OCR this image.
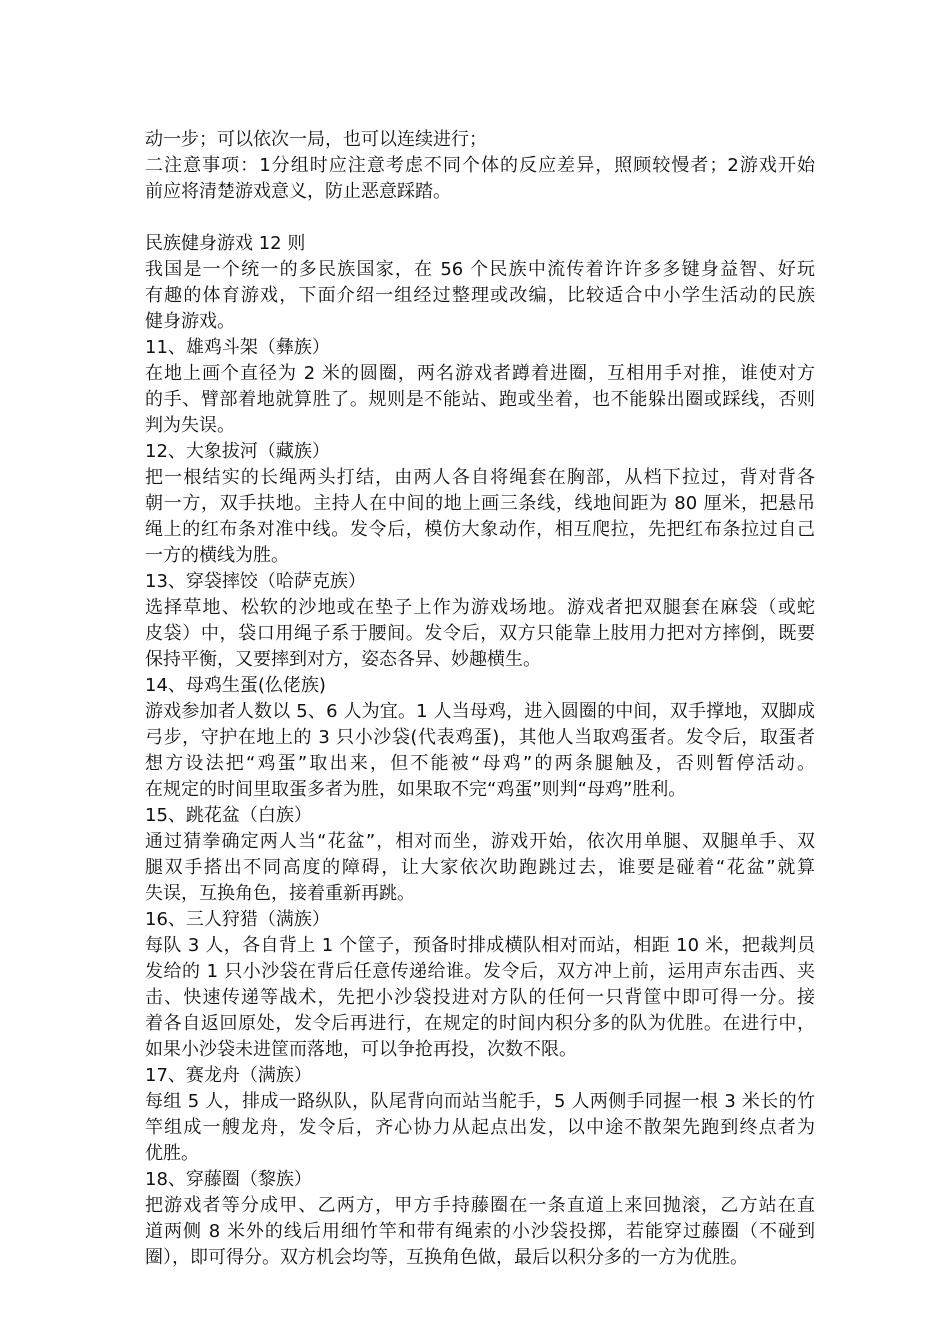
动一步；可以依次一局，也可以连续进行；
二注意事项：1分组时应注意考虑不同个体的反应差异，照顾较慢者；2游戏开始
前应将清楚游戏意义，防止恶意踩踏。
民族健身游戏 12 则
我国是一个统一的多民族国家，在 56 个民族中流传着许许多多键身益智、好玩
有趣的体育游戏，下面介绍一组经过整理或改编，比较适合中小学生活动的民族
健身游戏。
11、雄鸡斗架（彝族）
在地上画个直径为 2 米的圆圈，两名游戏者蹲着进圈，互相用手对推，谁使对方
的手、臂部着地就算胜了。规则是不能站、跑或坐着，也不能躲出圈或踩线，否则
判为失误。
12、大象拔河（藏族）
把一根结实的长绳两头打结，由两人各自将绳套在胸部，从档下拉过，背对背各
朝一方，双手扶地。主持人在中间的地上画三条线，线地间距为 80 厘米，把悬吊
绳上的红布条对准中线。发令后，模仿大象动作，相互爬拉，先把红布条拉过自己
一方的横线为胜。
13、穿袋摔饺（哈萨克族）
选择草地、松软的沙地或在垫子上作为游戏场地。游戏者把双腿套在麻袋（或蛇
皮袋）中，袋口用绳子系于腰间。发令后，双方只能靠上肢用力把对方摔倒，既要
保持平衡，又要摔到对方，姿态各异、妙趣横生。
14、母鸡生蛋(仫佬族)
游戏参加者人数以 5、6 人为宜。1 人当母鸡，进入圆圈的中间，双手撑地，双脚成
弓步，守护在地上的 3 只小沙袋(代表鸡蛋)，其他人当取鸡蛋者。发令后，取蛋者
想方设法把“鸡蛋”取出来，但不能被“母鸡”的两条腿触及，否则暂停活动。
在规定的时间里取蛋多者为胜，如果取不完“鸡蛋”则判“母鸡”胜利。
15、跳花盆（白族）
通过猜拳确定两人当“花盆”，相对而坐，游戏开始，依次用单腿、双腿单手、双
腿双手搭出不同高度的障碍，让大家依次助跑跳过去，谁要是碰着“花盆”就算
失误，互换角色，接着重新再跳。
16、三人狩猎（满族）
每队 3 人，各自背上 1 个筐子，预备时排成横队相对而站，相距 10 米，把裁判员
发给的 1 只小沙袋在背后任意传递给谁。发令后，双方冲上前，运用声东击西、夹
击、快速传递等战术，先把小沙袋投进对方队的任何一只背筐中即可得一分。接
着各自返回原处，发令后再进行，在规定的时间内积分多的队为优胜。在进行中，
如果小沙袋未进筐而落地，可以争抢再投，次数不限。
17、赛龙舟（满族）
每组 5 人，排成一路纵队，队尾背向而站当舵手，5 人两侧手同握一根 3 米长的竹
竿组成一艘龙舟，发令后，齐心协力从起点出发，以中途不散架先跑到终点者为
优胜。
18、穿藤圈（黎族）
把游戏者等分成甲、乙两方，甲方手持藤圈在一条直道上来回抛滚，乙方站在直
道两侧 8 米外的线后用细竹竿和带有绳索的小沙袋投掷，若能穿过藤圈（不碰到
圈），即可得分。双方机会均等，互换角色做，最后以积分多的一方为优胜。
